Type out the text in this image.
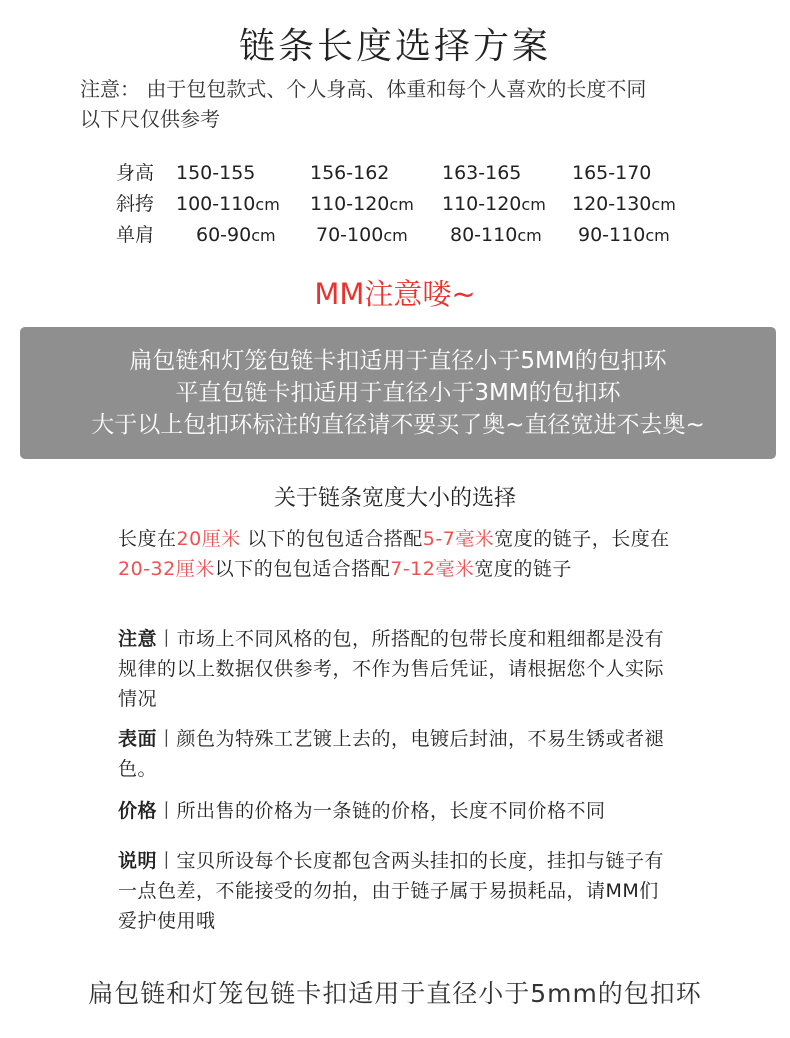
链条长度选择方案
注意： 由于包包款式、个人身高、体重和每个人喜欢的长度不同
以下尺仅供参考
身高 150-155	156-162	163-165	165-170
斜挎 100-110cm 110-120cm 110-120cm 120-130cm
单肩	60-90cm	70-100cm	80-110cm	90-110cm
MM注意喽~
扁包链和灯笼包链卡扣适用于直径小于5MM的包扣环
平直包链卡扣适用于直径小于3MM的包扣环
大于以上包扣环标注的直径请不要买了奥~直径宽进不去奥~
关于链条宽度大小的选择
长度在20厘米 以下的包包适合搭配5-7毫米宽度的链子，长度在20-32厘米以下的包包适合搭配7-12毫米宽度的链子
注意丨市场上不同风格的包，所搭配的包带长度和粗细都是没有规律的以上数据仅供参考，不作为售后凭证，请根据您个人实际情况
表面丨颜色为特殊工艺镀上去的，电镀后封油，不易生锈或者褪色。
价格丨所出售的价格为一条链的价格，长度不同价格不同
说明丨宝贝所设每个长度都包含两头挂扣的长度，挂扣与链子有一点色差，不能接受的勿拍，由于链子属于易损耗品，请MM们爱护使用哦
扁包链和灯笼包链卡扣适用于直径小于5mm的包扣环
